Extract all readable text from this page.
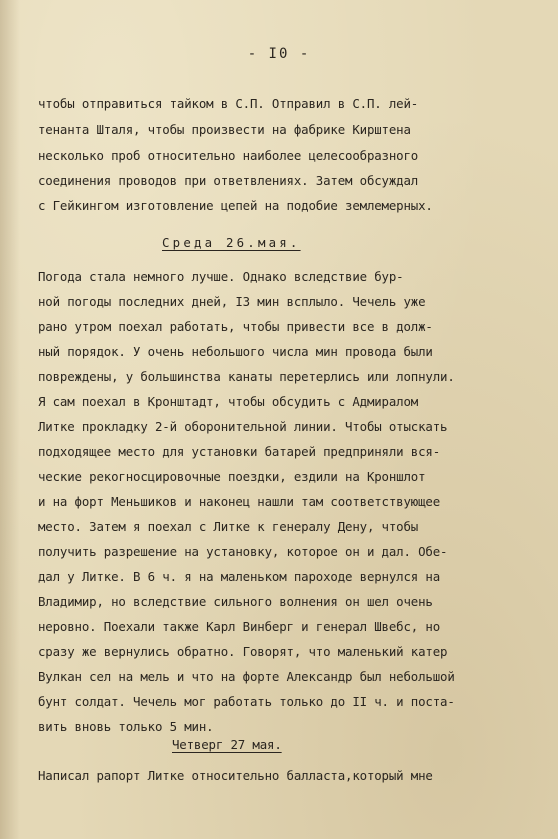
- I0 -
чтобы отправиться тайком в С.П. Отправил в С.П. лей-
тенанта Шталя, чтобы произвести на фабрике Кирштена
несколько проб относительно наиболее целесообразного
соединения проводов при ответвлениях. Затем обсуждал
с Гейкингом изготовление цепей на подобие землемерных.
Среда 26.мая.
Погода стала немного лучше. Однако вследствие бур-
ной погоды последних дней, I3 мин всплыло. Чечель уже
рано утром поехал работать, чтобы привести все в долж-
ный порядок. У очень небольшого числа мин провода были
повреждены, у большинства канаты перетерлись или лопнули.
Я сам поехал в Кронштадт, чтобы обсудить с Адмиралом
Литке прокладку 2-й оборонительной линии. Чтобы отыскать
подходящее место для установки батарей предприняли вся-
ческие рекогносцировочные поездки, ездили на Кроншлот
и на форт Меньшиков и наконец нашли там соответствующее
место. Затем я поехал с Литке к генералу Дену, чтобы
получить разрешение на установку, которое он и дал. Обе-
дал у Литке. В 6 ч. я на маленьком пароходе вернулся на
Владимир, но вследствие сильного волнения он шел очень
неровно. Поехали также Карл Винберг и генерал Швебс, но
сразу же вернулись обратно. Говорят, что маленький катер
Вулкан сел на мель и что на форте Александр был небольшой
бунт солдат. Чечель мог работать только до II ч. и поста-
вить вновь только 5 мин.
Четверг 27 мая.
Написал рапорт Литке относительно балласта,который мне
